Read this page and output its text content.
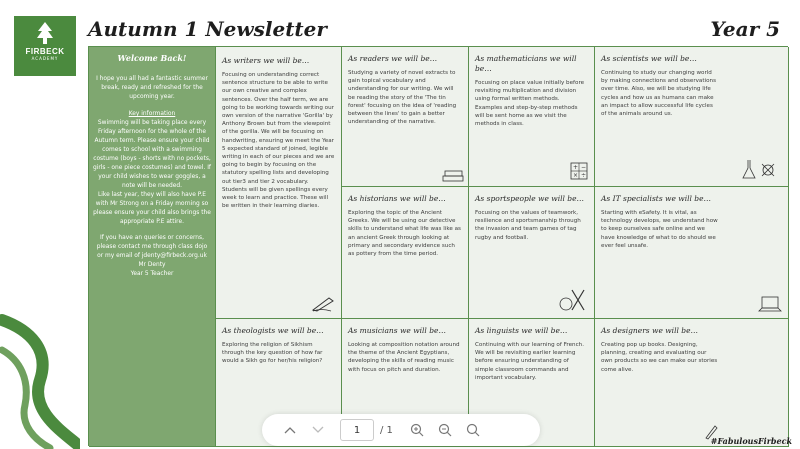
FIRBECK
ACADEMY
Autumn 1 Newsletter	Year 5
Welcome Back!

I hope you all had a fantastic summer break, ready and refreshed for the upcoming year.

Key information

Swimming will be taking place every Friday afternoon for the whole of the Autumn term. Please ensure your child comes to school with a swimming costume (boys - shorts with no pockets, girls - one piece costumes) and towel. If your child wishes to wear goggles, a note will be needed.

Like last year, they will also have P.E with Mr Strong on a Friday morning so please ensure your child also brings the appropriate P.E attire.

If you have an queries or concerns, please contact me through class dojo or my email of jdenty@firbeck.org.uk

Mr Denty

Year 5 Teacher

As writers we will be…

Focusing on understanding correct sentence structure to be able to write our own creative and complex sentences. Over the half term, we are going to be working towards writing our own version of the narrative 'Gorilla' by Anthony Brown but from the viewpoint of the gorilla. We will be focusing on handwriting, ensuring we meet the Year 5 expected standard of joined, legible writing in each of our pieces and we are going to begin by focusing on the statutory spelling lists and developing out tier3 and tier 2 vocabulary. Students will be given spellings every week to learn and practice. These will be written in their learning diaries.

As readers we will be…

Studying a variety of novel extracts to gain topical vocabulary and understanding for our writing. We will be reading the story of the 'The tin forest' focusing on the idea of 'reading between the lines' to gain a better understanding of the narrative.

As mathematicians we will be…

Focusing on place value initially before revisiting multiplication and division using formal written methods. Examples and step-by-step methods will be sent home as we visit the methods in class.

+ −
× ÷
As scientists we will be…

Continuing to study our changing world by making connections and observations over time. Also, we will be studying life cycles and how us as humans can make an impact to allow successful life cycles of the animals around us.

As historians we will be…

Exploring the topic of the Ancient Greeks. We will be using our detective skills to understand what life was like as an ancient Greek through looking at primary and secondary evidence such as pottery from the time period.

As sportspeople we will be…

Focusing on the values of teamwork, resilience and sportsmanship through the invasion and team games of tag rugby and football.

As IT specialists we will be…

Starting with eSafety. It is vital, as technology develops, we understand how to keep ourselves safe online and we have knowledge of what to do should we ever feel unsafe.

As theologists we will be…

Exploring the religion of Sikhism through the key question of how far would a Sikh go for her/his religion?

As musicians we will be…

Looking at composition notation around the theme of the Ancient Egyptians, developing the skills of reading music with focus on pitch and duration.

As linguists we will be…

Continuing with our learning of French. We will be revisiting earlier learning before ensuring understanding of simple classroom commands and important vocabulary.

As designers we will be…

Creating pop up books. Designing, planning, creating and evaluating our own products so we can make our stories come alive.

#FabulousFirbeck
1
/ 1
